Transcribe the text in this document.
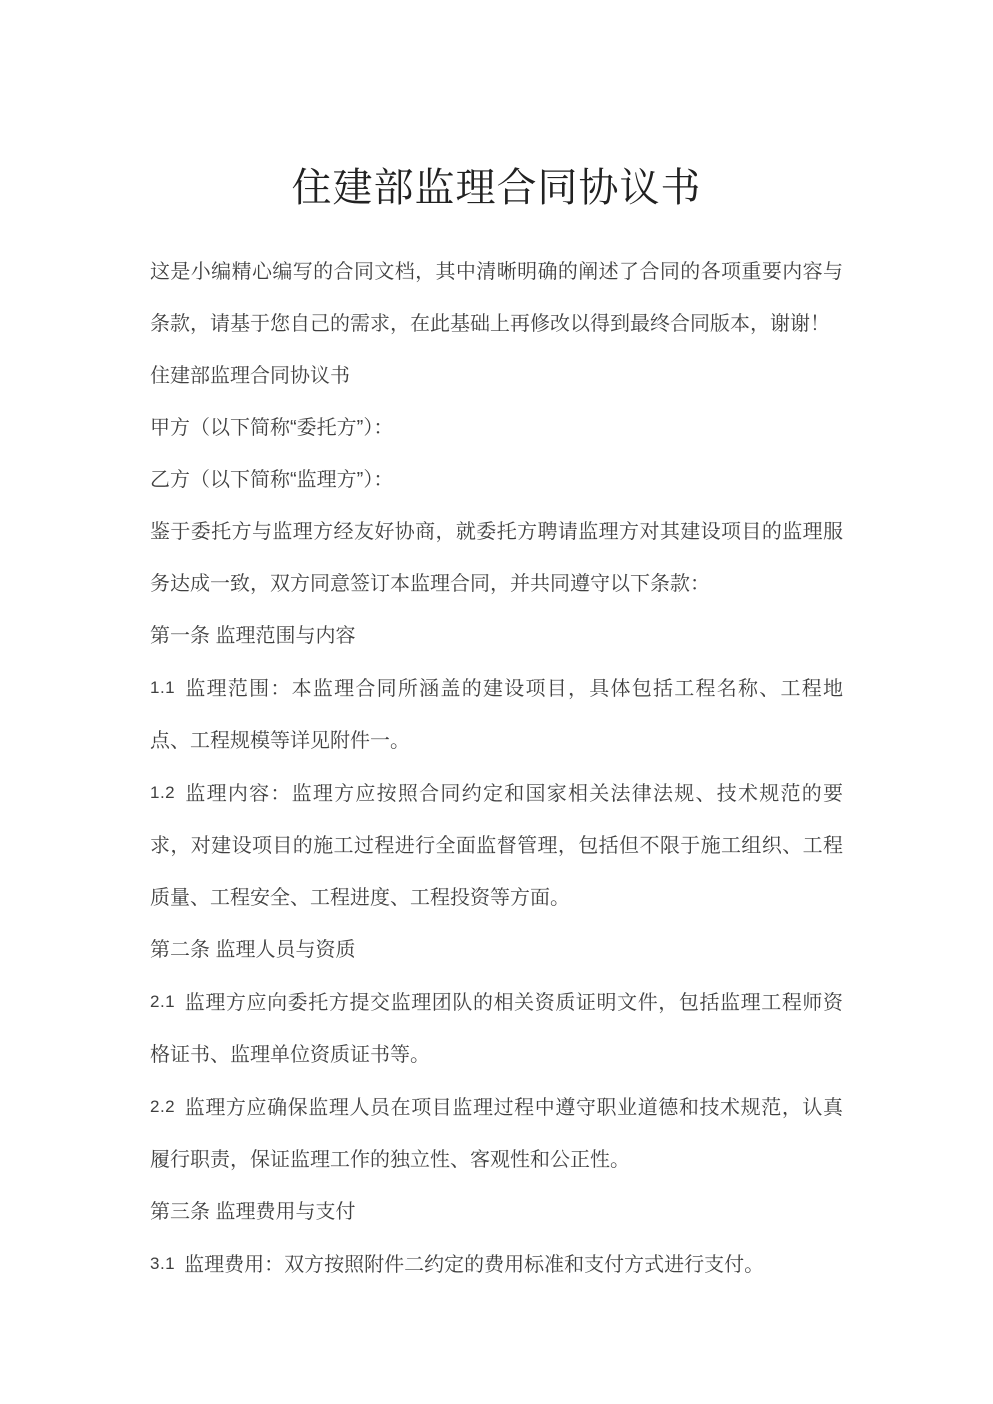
住建部监理合同协议书

这是小编精心编写的合同文档，其中清晰明确的阐述了合同的各项重要内容与条款，请基于您自己的需求，在此基础上再修改以得到最终合同版本，谢谢！

住建部监理合同协议书

甲方（以下简称“委托方”）：

乙方（以下简称“监理方”）：

鉴于委托方与监理方经友好协商，就委托方聘请监理方对其建设项目的监理服务达成一致，双方同意签订本监理合同，并共同遵守以下条款：

第一条 监理范围与内容

1.1 监理范围：本监理合同所涵盖的建设项目，具体包括工程名称、工程地点、工程规模等详见附件一。

1.2 监理内容：监理方应按照合同约定和国家相关法律法规、技术规范的要求，对建设项目的施工过程进行全面监督管理，包括但不限于施工组织、工程质量、工程安全、工程进度、工程投资等方面。

第二条 监理人员与资质

2.1 监理方应向委托方提交监理团队的相关资质证明文件，包括监理工程师资格证书、监理单位资质证书等。

2.2 监理方应确保监理人员在项目监理过程中遵守职业道德和技术规范，认真履行职责，保证监理工作的独立性、客观性和公正性。

第三条 监理费用与支付

3.1 监理费用：双方按照附件二约定的费用标准和支付方式进行支付。
